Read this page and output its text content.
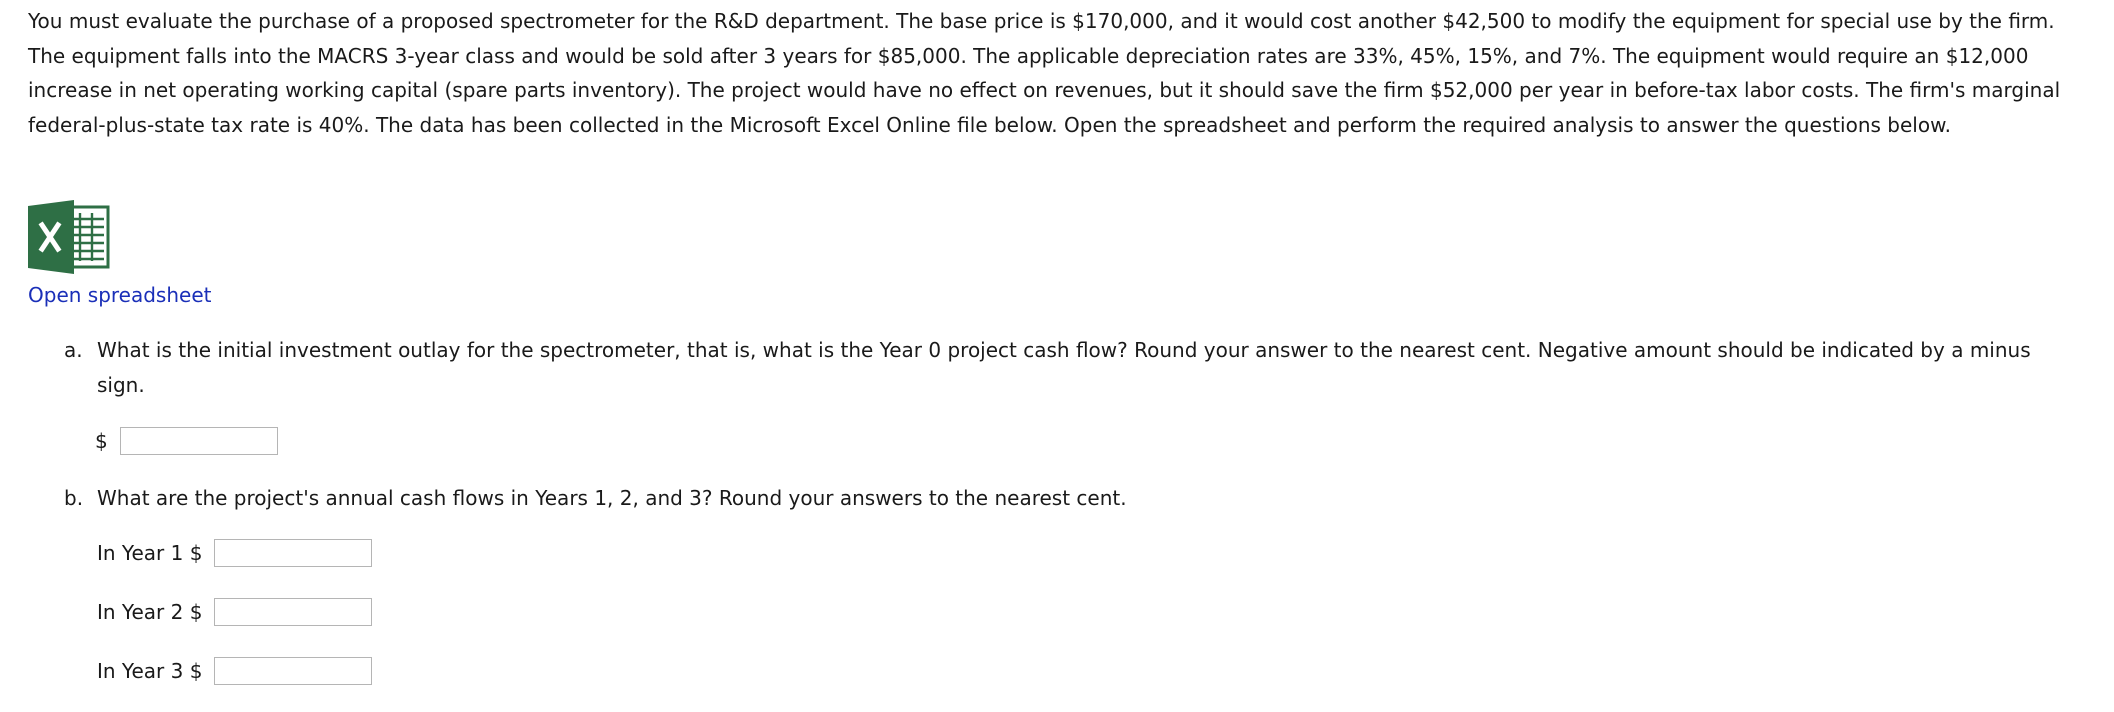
You must evaluate the purchase of a proposed spectrometer for the R&D department. The base price is $170,000, and it would cost another $42,500 to modify the equipment for special use by the firm. The equipment falls into the MACRS 3-year class and would be sold after 3 years for $85,000. The applicable depreciation rates are 33%, 45%, 15%, and 7%. The equipment would require an $12,000 increase in net operating working capital (spare parts inventory). The project would have no effect on revenues, but it should save the firm $52,000 per year in before-tax labor costs. The firm's marginal federal-plus-state tax rate is 40%. The data has been collected in the Microsoft Excel Online file below. Open the spreadsheet and perform the required analysis to answer the questions below.

Open spreadsheet
a. What is the initial investment outlay for the spectrometer, that is, what is the Year 0 project cash flow? Round your answer to the nearest cent. Negative amount should be indicated by a minus sign.
$
b. What are the project's annual cash flows in Years 1, 2, and 3? Round your answers to the nearest cent.
In Year 1 $
In Year 2 $
In Year 3 $
